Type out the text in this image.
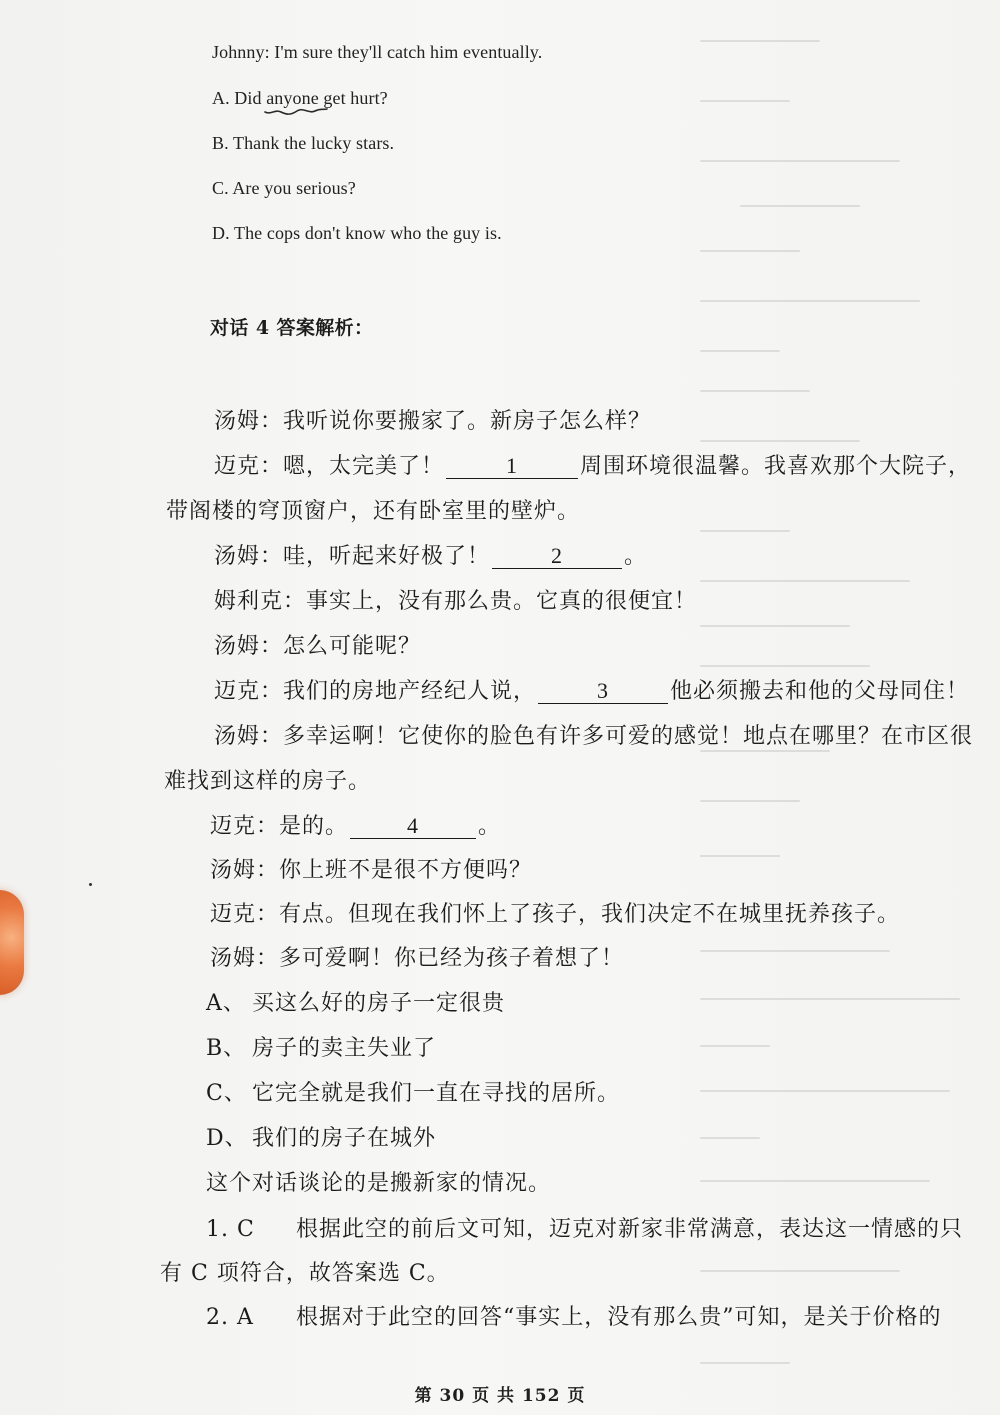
Johnny: I'm sure they'll catch him eventually.
A. Did anyone
get hurt?
B. Thank the lucky stars.
C. Are you serious?
D. The cops don't know who the guy is.
对话 4 答案解析：
汤姆：我听说你要搬家了。新房子怎么样？
迈克：嗯，太完美了！	1	周围环境很温馨。我喜欢那个大院子，
带阁楼的穹顶窗户，还有卧室里的壁炉。
汤姆：哇，听起来好极了！	2	。
姆利克：事实上，没有那么贵。它真的很便宜！
汤姆：怎么可能呢？
迈克：我们的房地产经纪人说，	3	他必须搬去和他的父母同住！
汤姆：多幸运啊！它使你的脸色有许多可爱的感觉！地点在哪里？在市区很
难找到这样的房子。
迈克：是的。	4	。
汤姆：你上班不是很不方便吗？
迈克：有点。但现在我们怀上了孩子，我们决定不在城里抚养孩子。
汤姆：多可爱啊！你已经为孩子着想了！
A、 买这么好的房子一定很贵
B、 房子的卖主失业了
C、 它完全就是我们一直在寻找的居所。
D、 我们的房子在城外
这个对话谈论的是搬新家的情况。
1. C 根据此空的前后文可知，迈克对新家非常满意，表达这一情感的只
有 C 项符合，故答案选 C。
2. A 根据对于此空的回答“事实上，没有那么贵”可知，是关于价格的
第 30 页 共 152 页
